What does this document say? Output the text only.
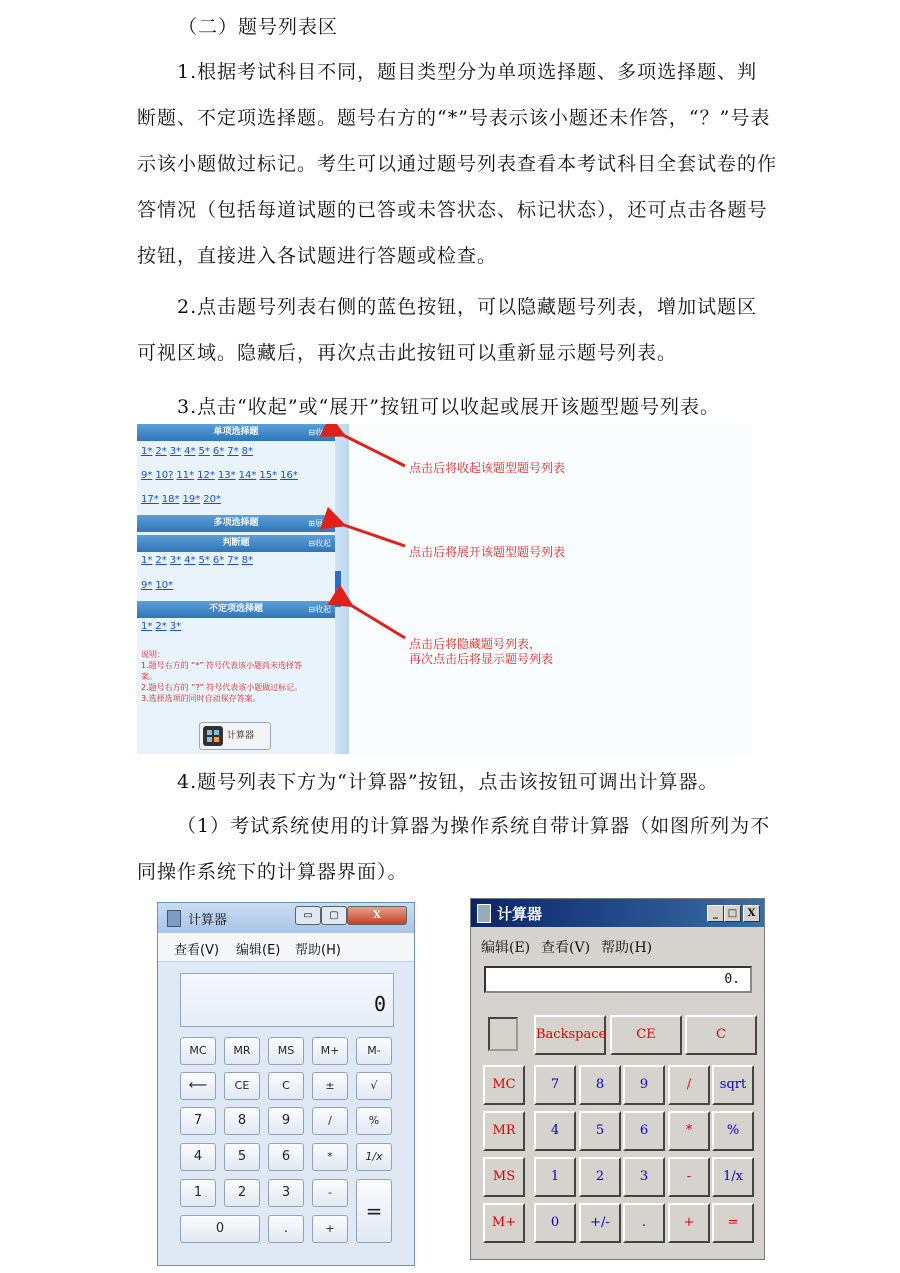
（二）题号列表区
1.根据考试科目不同，题目类型分为单项选择题、多项选择题、判断题、不定项选择题。题号右方的“*”号表示该小题还未作答，“？”号表示该小题做过标记。考生可以通过题号列表查看本考试科目全套试卷的作答情况（包括每道试题的已答或未答状态、标记状态），还可点击各题号按钮，直接进入各试题进行答题或检查。
2.点击题号列表右侧的蓝色按钮，可以隐藏题号列表，增加试题区可视区域。隐藏后，再次点击此按钮可以重新显示题号列表。
3.点击“收起”或“展开”按钮可以收起或展开该题型题号列表。
◂
单项选择题	⊟收起
1* 2* 3* 4* 5* 6* 7* 8*
9* 10? 11* 12* 13* 14* 15* 16*
17* 18* 19* 20*
多项选择题	⊞展开
判断题	⊟收起
1* 2* 3* 4* 5* 6* 7* 8*
9* 10*
不定项选择题	⊟收起
1* 2* 3*
说明：
1.题号右方的 “*” 符号代表该小题尚未选择答
案。
2.题号右方的 “?” 符号代表该小题做过标记。
3.选择选项的同时自动保存答案。
计算器
点击后将收起该题型题号列表
点击后将展开该题型题号列表
点击后将隐藏题号列表，
再次点击后将显示题号列表
4.题号列表下方为“计算器”按钮，点击该按钮可调出计算器。
（1）考试系统使用的计算器为操作系统自带计算器（如图所列为不同操作系统下的计算器界面）。
计算器	▭	▢	X
查看(V) 编辑(E) 帮助(H)
0
MC	MR	MS	M+	M-
⟵	CE	C	±	√
7	8	9	/	%
4	5	6	*	1/x
1	2	3	-
=
0	.	+
计算器	_ □	X
编辑(E) 查看(V) 帮助(H)
0.
Backspace	CE	C
MC	7	8	9	/	sqrt
MR	4	5	6	*	%
MS	1	2	3	-	1/x
M+	0	+/-	.	+	=
